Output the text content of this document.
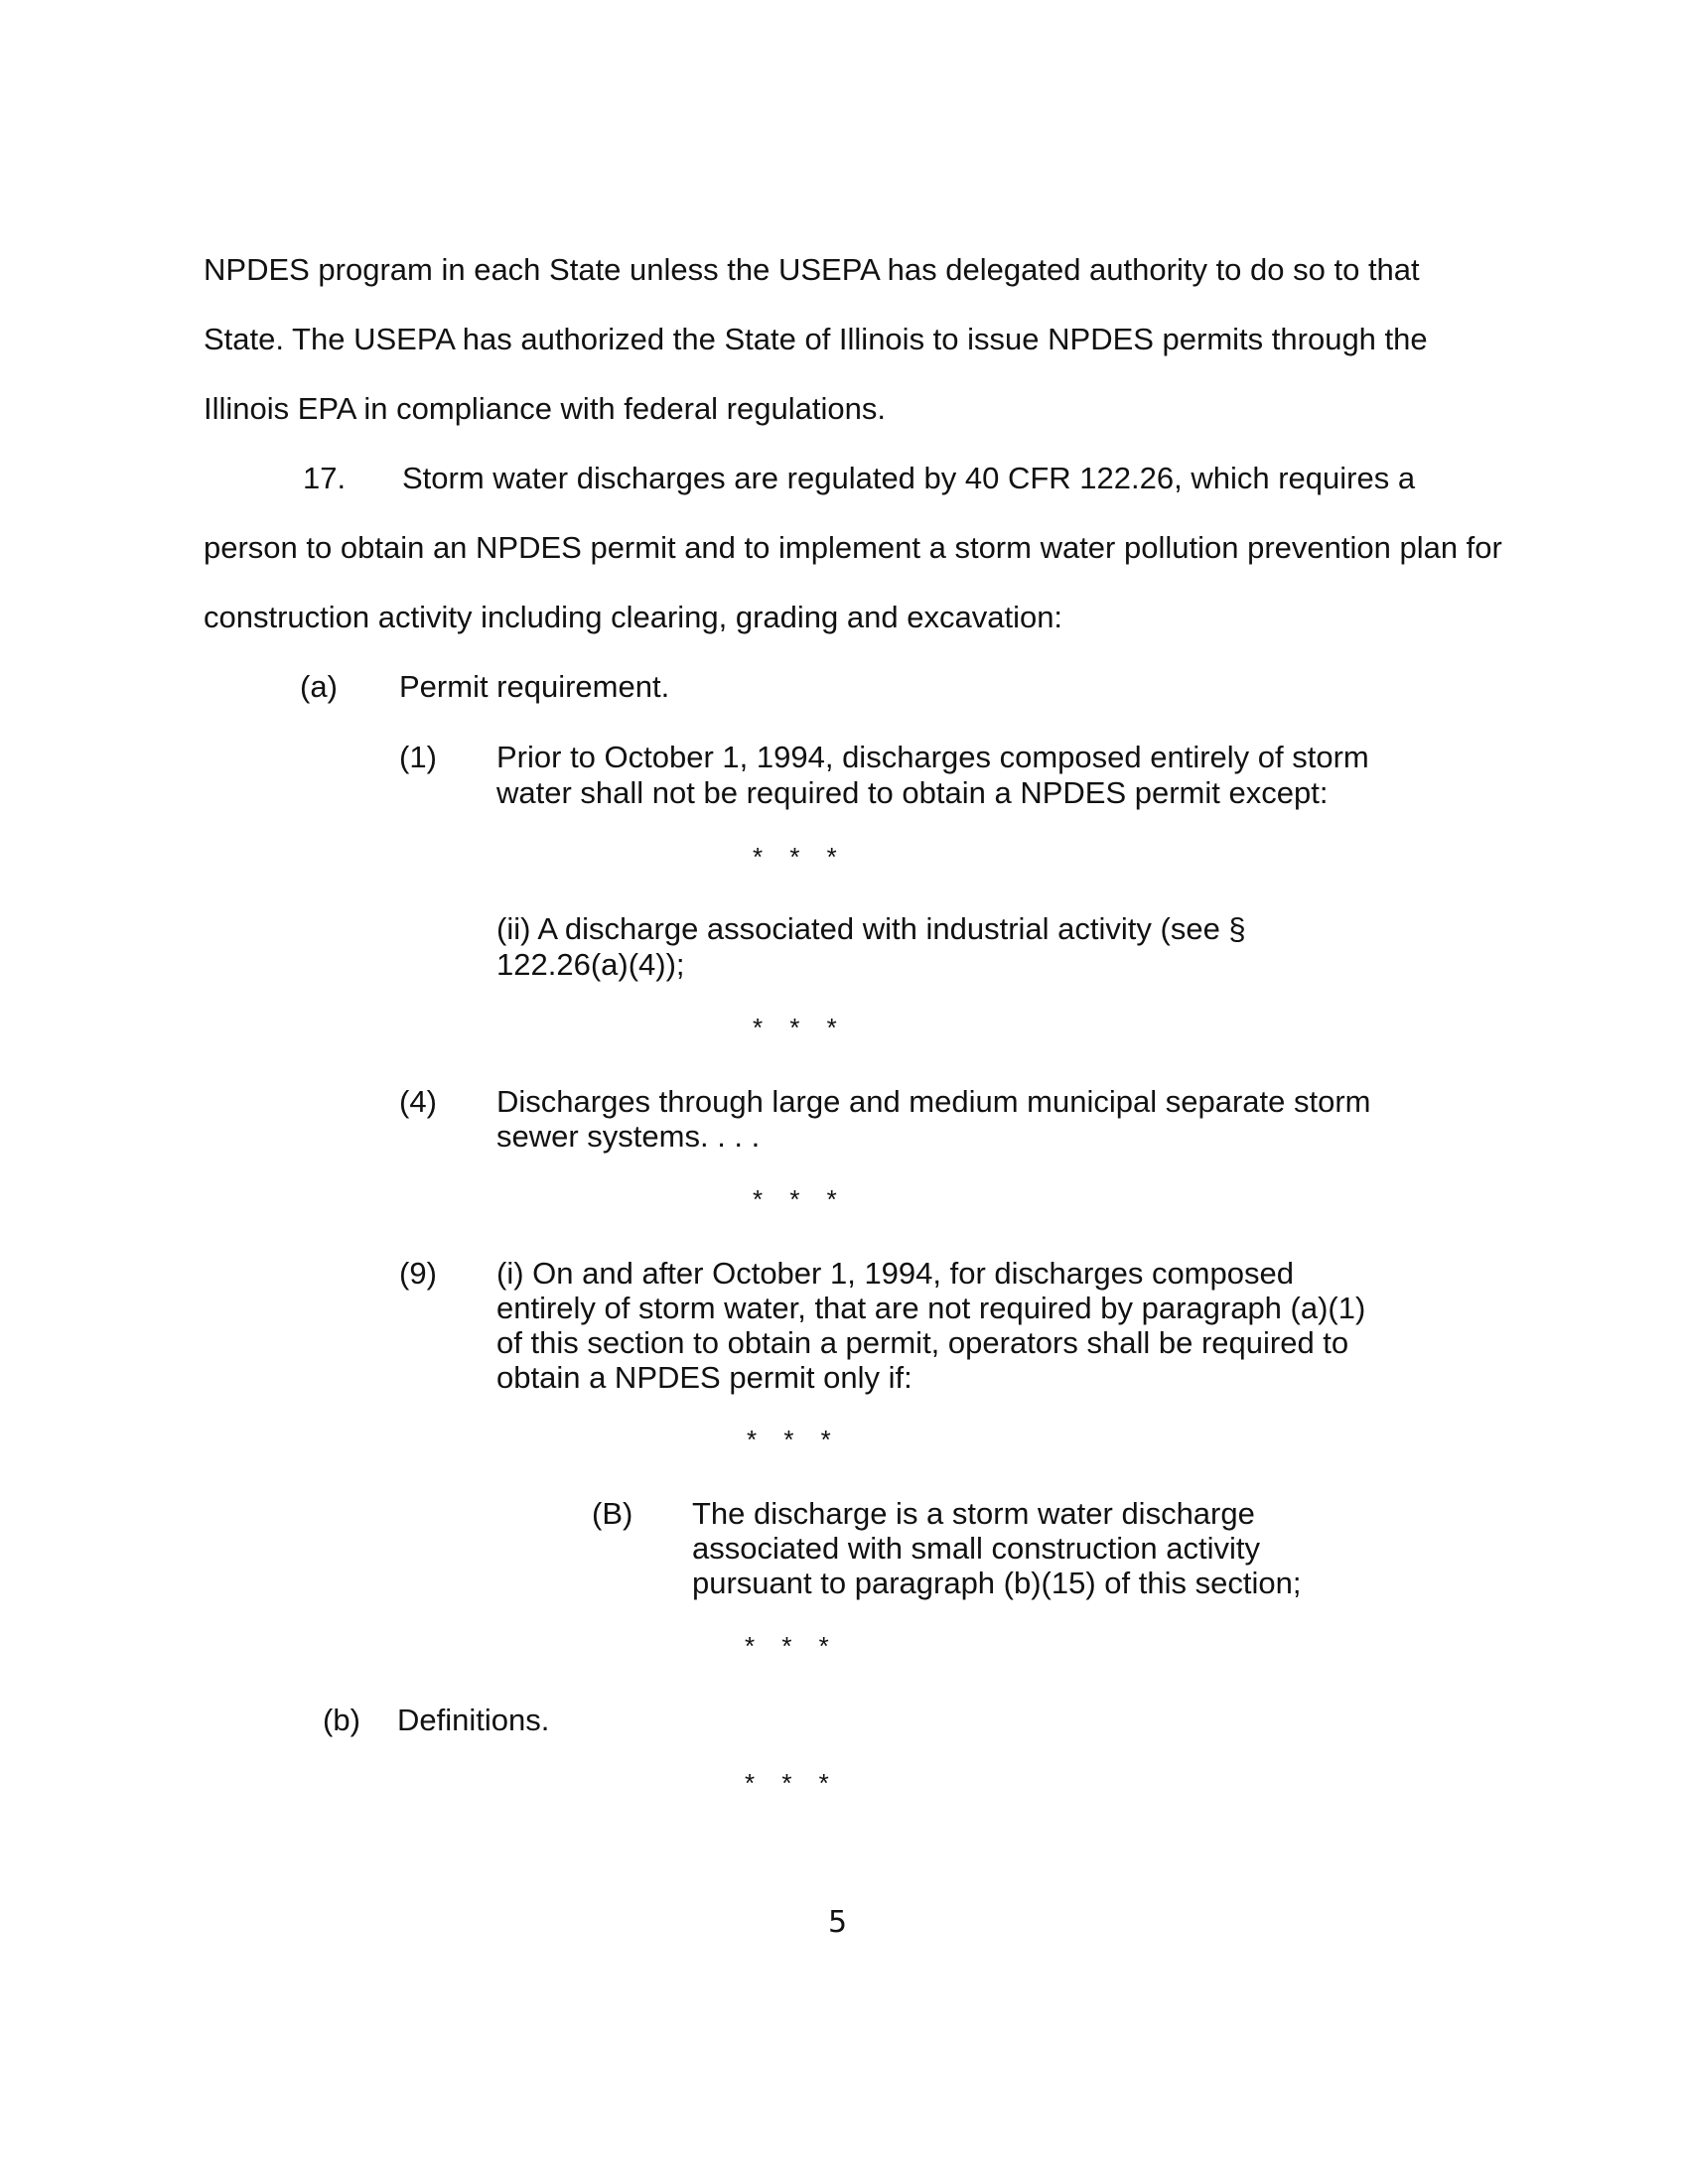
NPDES program in each State unless the USEPA has delegated authority to do so to that
State. The USEPA has authorized the State of Illinois to issue NPDES permits through the
Illinois EPA in compliance with federal regulations.
17. Storm water discharges are regulated by 40 CFR 122.26, which requires a
person to obtain an NPDES permit and to implement a storm water pollution prevention plan for
construction activity including clearing, grading and excavation:
(a) Permit requirement.
(1) Prior to October 1, 1994, discharges composed entirely of storm
water shall not be required to obtain a NPDES permit except:
* * *
(ii) A discharge associated with industrial activity (see §
122.26(a)(4));
* * *
(4) Discharges through large and medium municipal separate storm
sewer systems. . . .
* * *
(9) (i) On and after October 1, 1994, for discharges composed
entirely of storm water, that are not required by paragraph (a)(1)
of this section to obtain a permit, operators shall be required to
obtain a NPDES permit only if:
* * *
(B) The discharge is a storm water discharge
associated with small construction activity
pursuant to paragraph (b)(15) of this section;
* * *
(b) Definitions.
* * *
5
